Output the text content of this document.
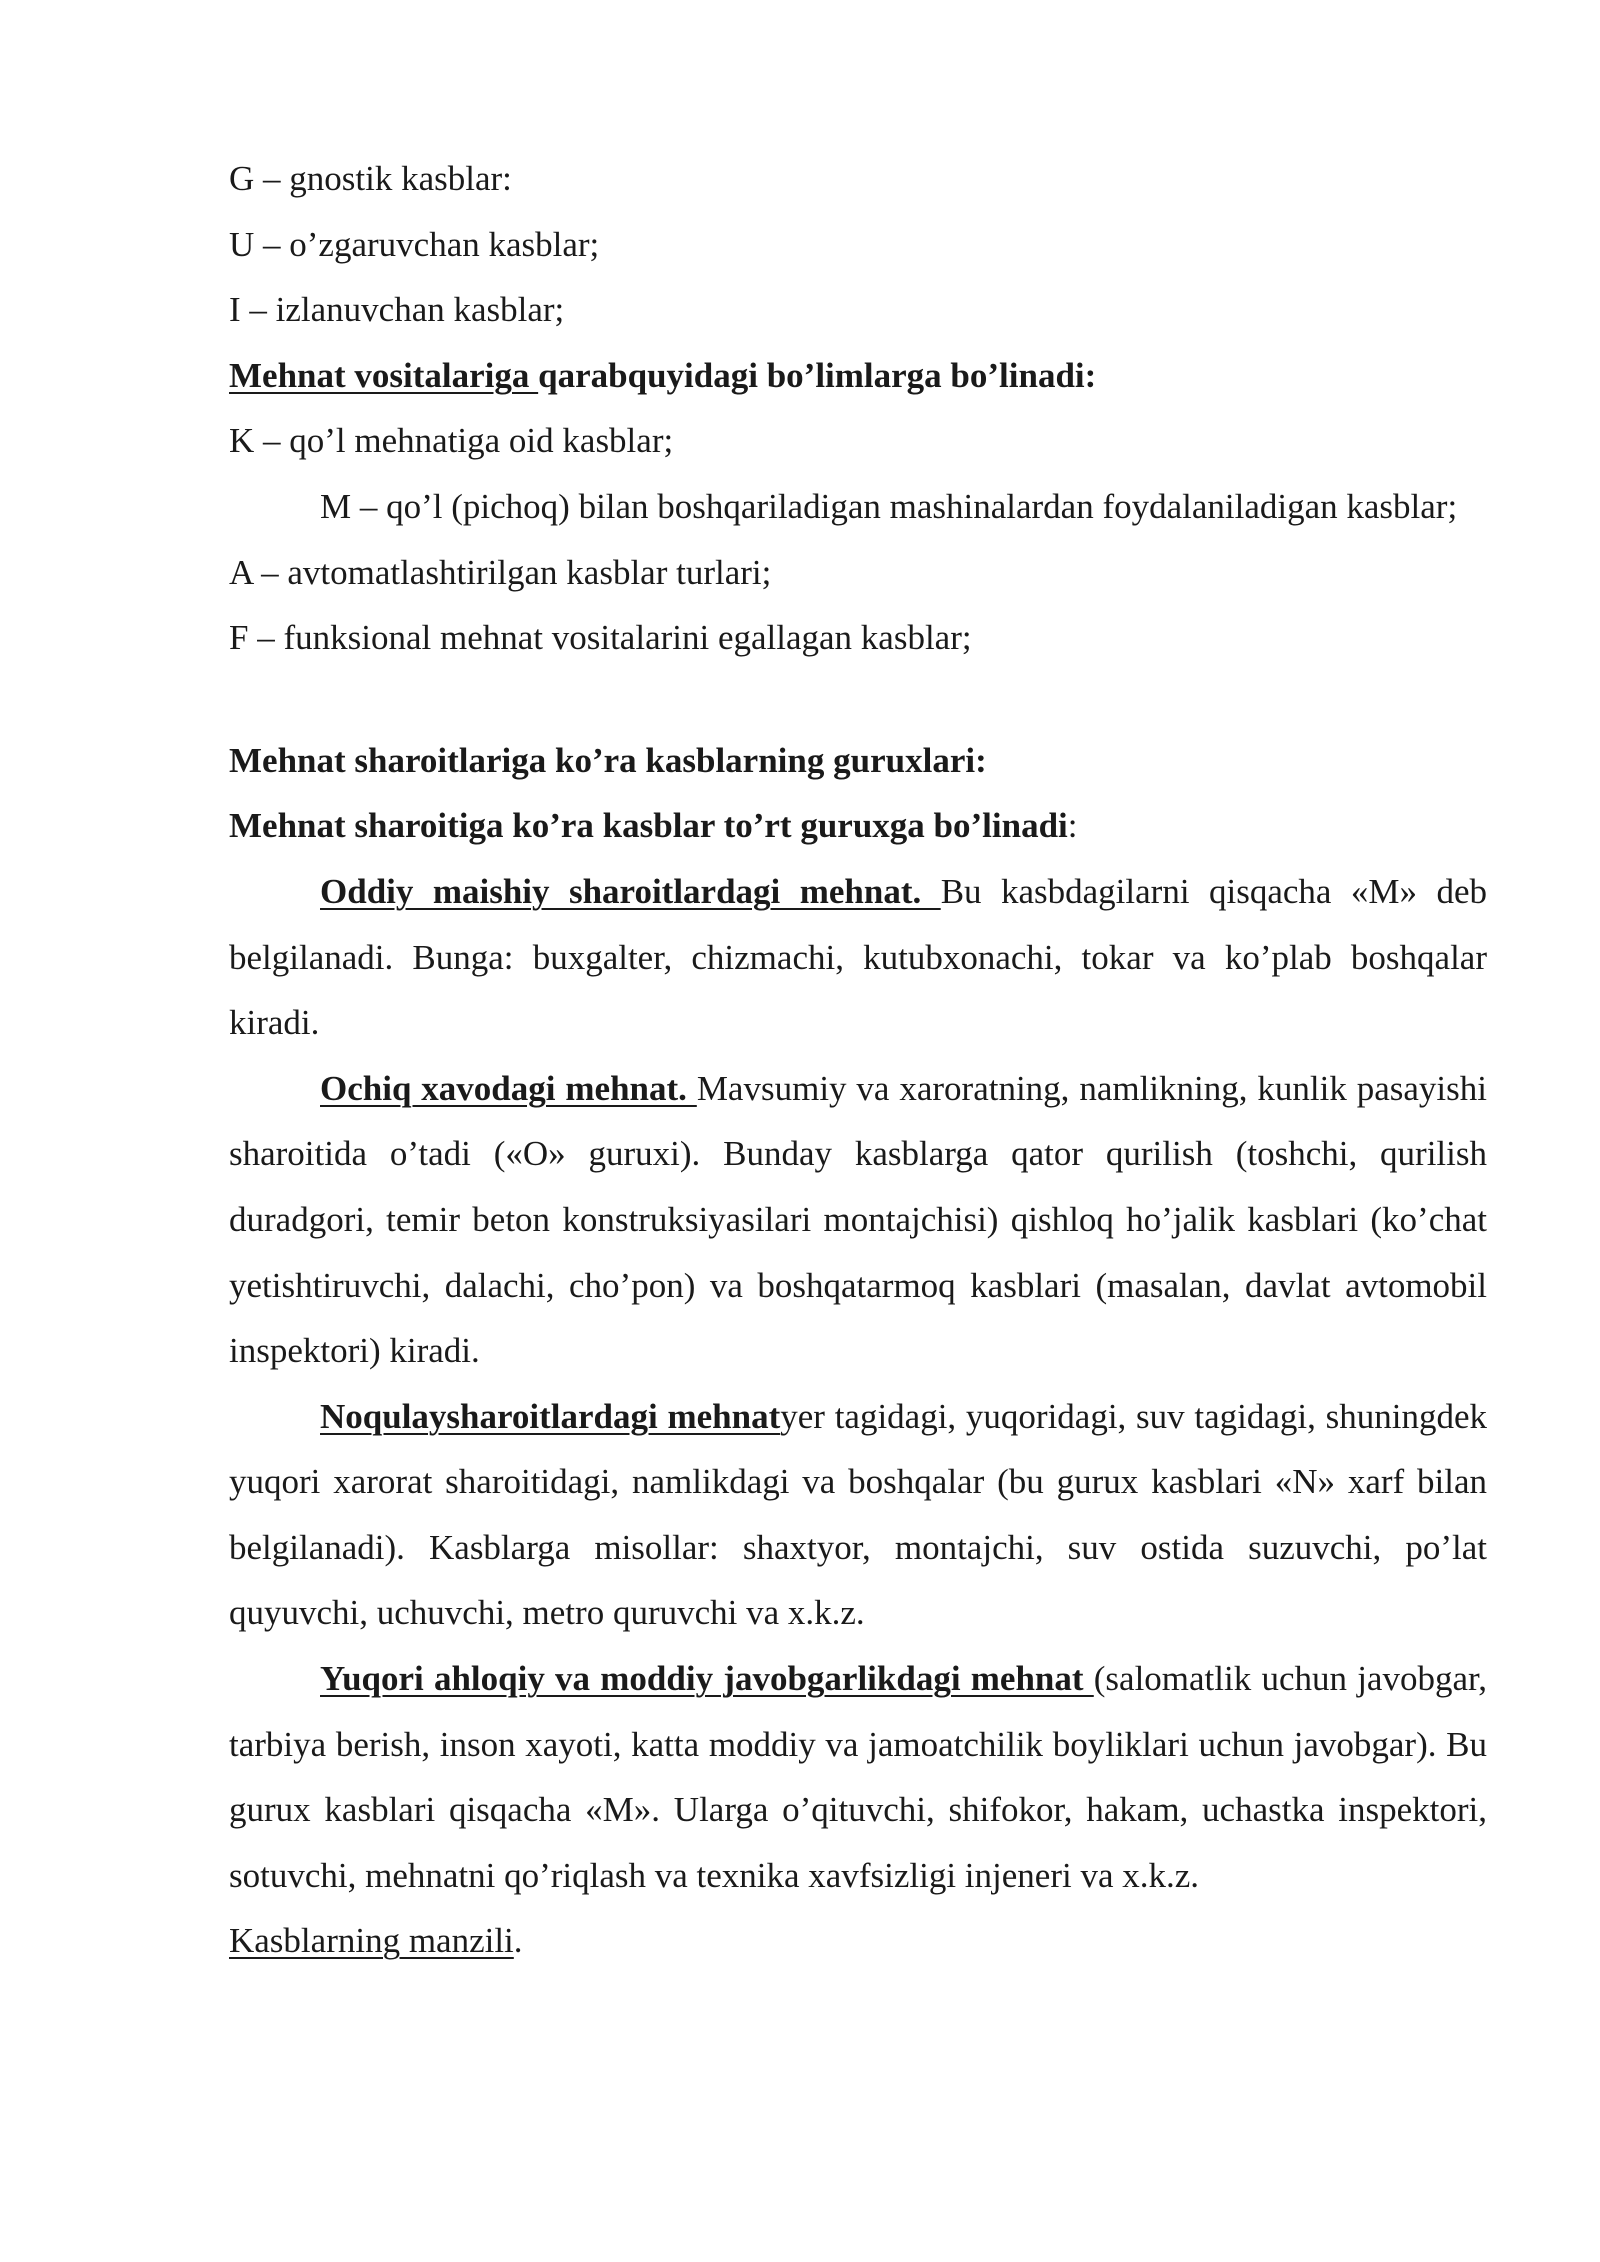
G – gnostik kasblar:

U – o’zgaruvchan kasblar;

I – izlanuvchan kasblar;

Mehnat vositalariga qarabquyidagi bo’limlarga bo’linadi:

K – qo’l mehnatiga oid kasblar;

M – qo’l (pichoq) bilan boshqariladigan mashinalardan foydalaniladigan kasblar;

A – avtomatlashtirilgan kasblar turlari;

F – funksional mehnat vositalarini egallagan kasblar;

Mehnat sharoitlariga ko’ra kasblarning guruxlari:

Mehnat sharoitiga ko’ra kasblar to’rt guruxga bo’linadi:

Oddiy maishiy sharoitlardagi mehnat. Bu kasbdagilarni qisqacha «M» deb belgilanadi. Bunga: buxgalter, chizmachi, kutubxonachi, tokar va ko’plab boshqalar kiradi.

Ochiq xavodagi mehnat. Mavsumiy va xaroratning, namlikning, kunlik pasayishi sharoitida o’tadi («O» guruxi). Bunday kasblarga qator qurilish (toshchi, qurilish duradgori, temir beton konstruksiyasilari montajchisi) qishloq ho’jalik kasblari (ko’chat yetishtiruvchi, dalachi, cho’pon) va boshqatarmoq kasblari (masalan, davlat avtomobil inspektori) kiradi.

Noqulaysharoitlardagi mehnatyer tagidagi, yuqoridagi, suv tagidagi, shuningdek yuqori xarorat sharoitidagi, namlikdagi va boshqalar (bu gurux kasblari «N» xarf bilan belgilanadi). Kasblarga misollar: shaxtyor, montajchi, suv ostida suzuvchi, po’lat quyuvchi, uchuvchi, metro quruvchi va x.k.z.

Yuqori ahloqiy va moddiy javobgarlikdagi mehnat (salomatlik uchun javobgar, tarbiya berish, inson xayoti, katta moddiy va jamoatchilik boyliklari uchun javobgar). Bu gurux kasblari qisqacha «M». Ularga o’qituvchi, shifokor, hakam, uchastka inspektori, sotuvchi, mehnatni qo’riqlash va texnika xavfsizligi injeneri va x.k.z.

Kasblarning manzili.
